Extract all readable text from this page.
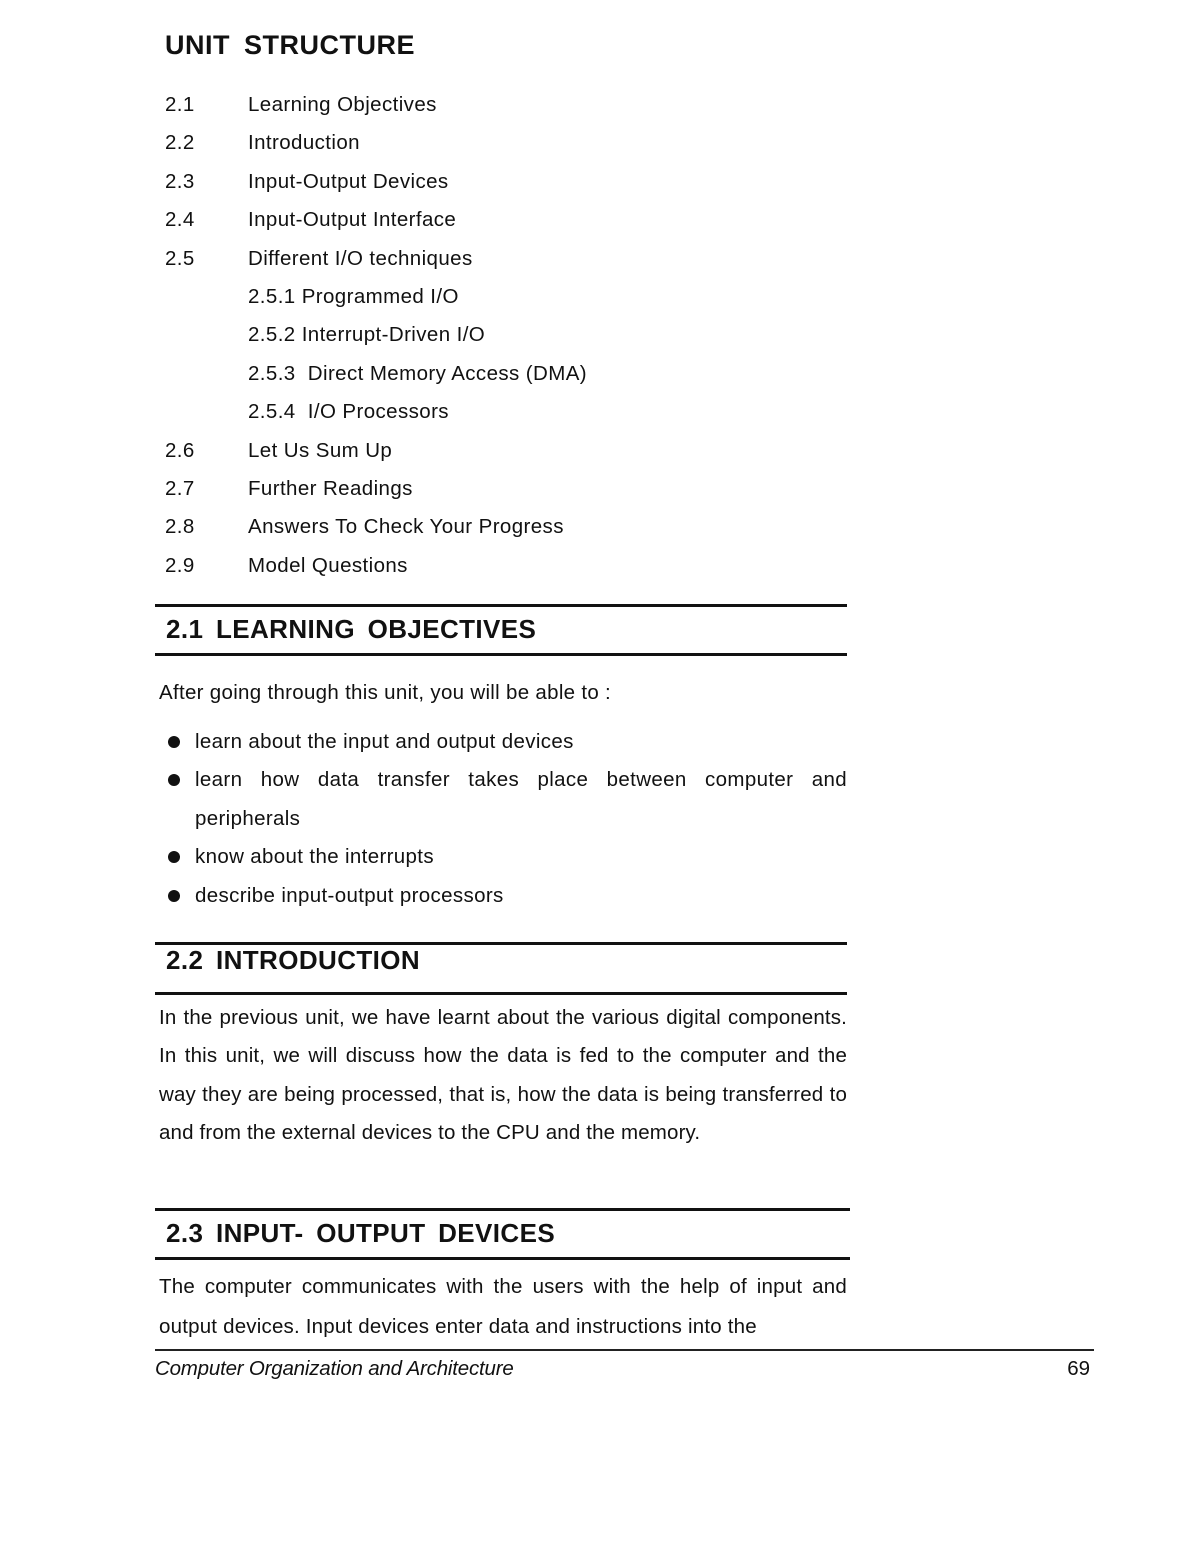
UNIT STRUCTURE
2.1	Learning Objectives
2.2	Introduction
2.3	Input-Output Devices
2.4	Input-Output Interface
2.5	Different I/O techniques
2.5.1 Programmed I/O
2.5.2 Interrupt-Driven I/O
2.5.3  Direct Memory Access (DMA)
2.5.4  I/O Processors
2.6	Let Us Sum Up
2.7	Further Readings
2.8	Answers To Check Your Progress
2.9	Model Questions
2.1 LEARNING OBJECTIVES
After going through this unit, you will be able to :
learn about the input and output devices
learn how data transfer takes place between computer and peripherals
know about the interrupts
describe input-output processors
2.2 INTRODUCTION
In the previous unit, we have learnt about the various digital components. In this unit, we will discuss how the data is fed to the computer and the way they are being processed, that is, how the data is being transferred to and from the external devices to the CPU and the memory.
2.3 INPUT- OUTPUT DEVICES
The computer communicates with the users with the help of input and output devices. Input devices enter data and instructions into the
Computer Organization and Architecture	69
